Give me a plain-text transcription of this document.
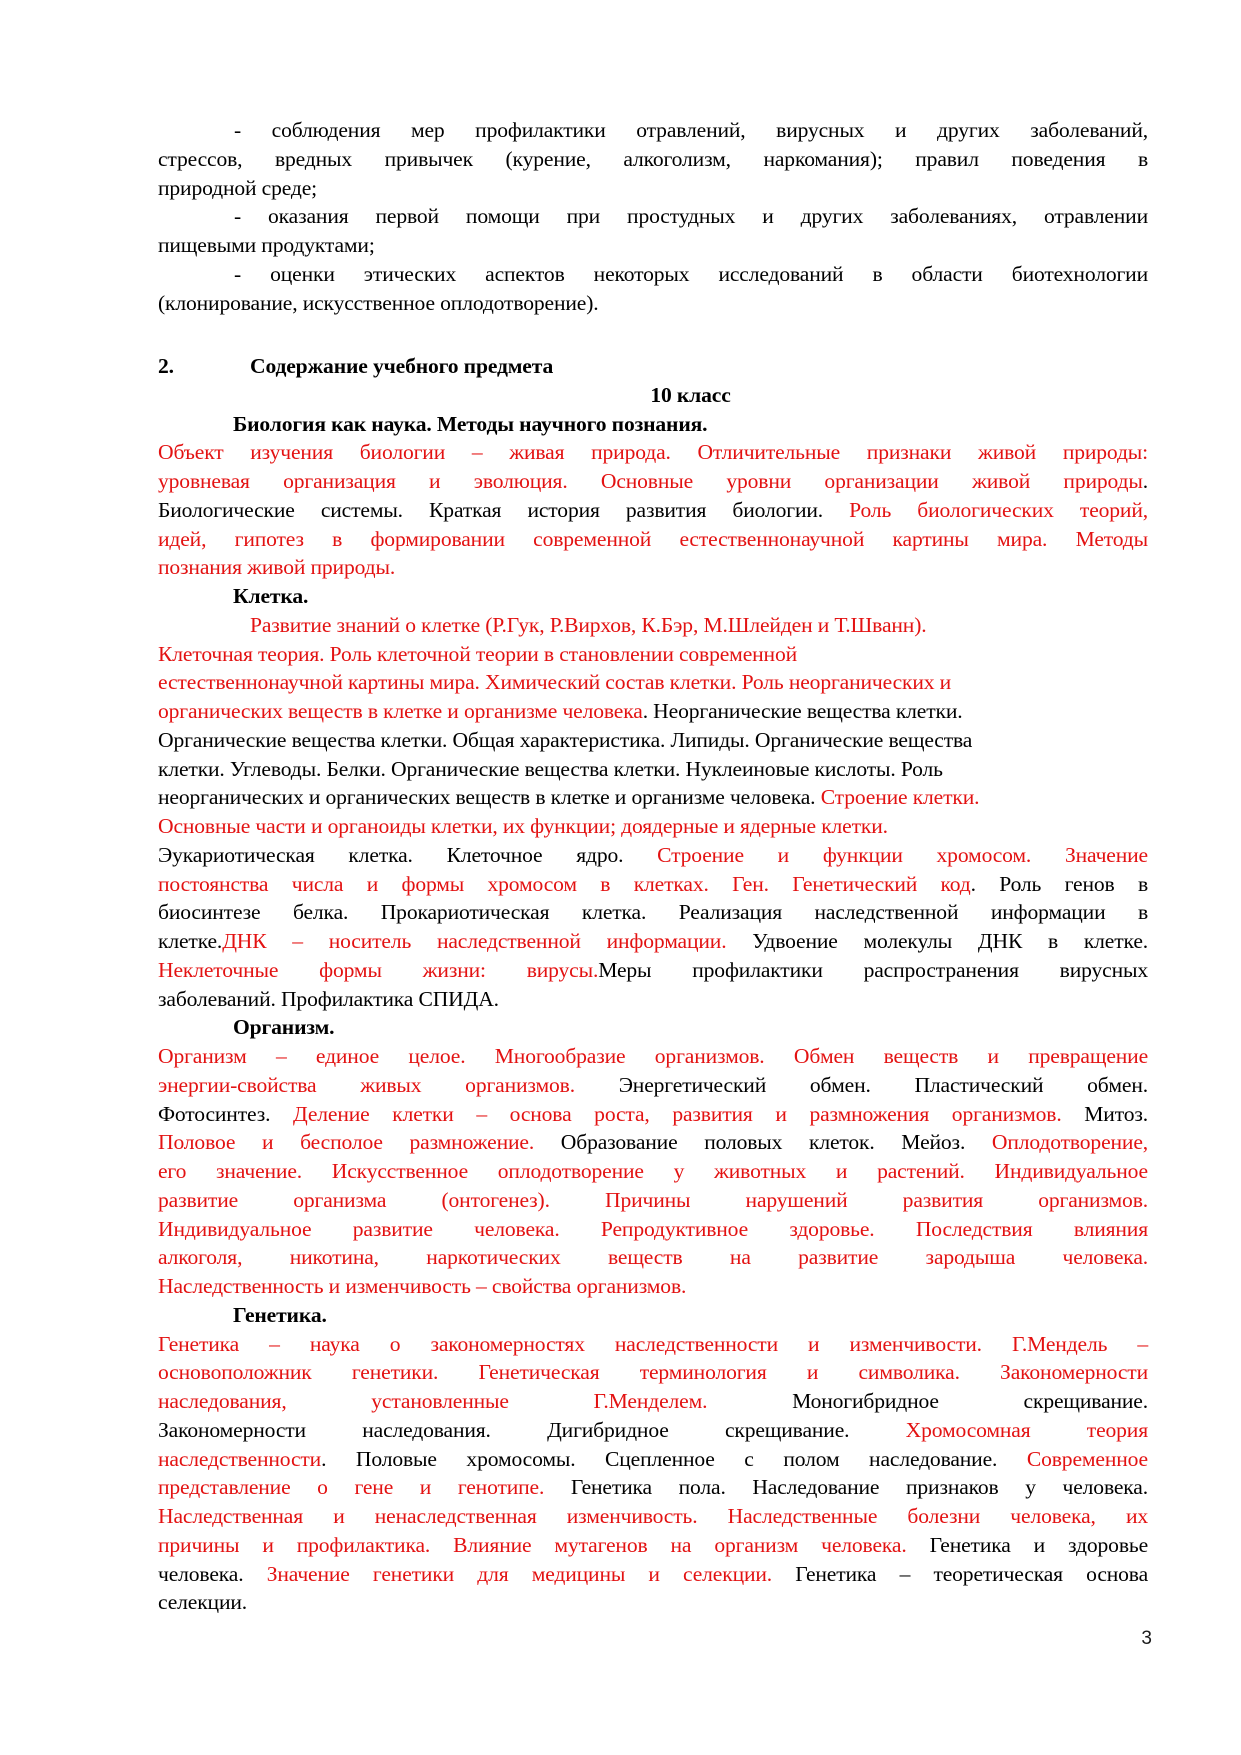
- соблюдения мер профилактики отравлений, вирусных и других заболеваний,
стрессов, вредных привычек (курение, алкоголизм, наркомания); правил поведения в
природной среде;
- оказания первой помощи при простудных и других заболеваниях, отравлении
пищевыми продуктами;
- оценки этических аспектов некоторых исследований в области биотехнологии
(клонирование, искусственное оплодотворение).
2.	Содержание учебного предмета
10 класс
Биология как наука. Методы научного познания.
Объект изучения биологии – живая природа. Отличительные признаки живой природы:
уровневая организация и эволюция. Основные уровни организации живой природы.
Биологические системы. Краткая история развития биологии. Роль биологических теорий,
идей, гипотез в формировании современной естественнонаучной картины мира. Методы
познания живой природы.
Клетка.
Развитие знаний о клетке (Р.Гук, Р.Вирхов, К.Бэр, М.Шлейден и Т.Шванн).
Клеточная теория. Роль клеточной теории в становлении современной
естественнонаучной картины мира. Химический состав клетки. Роль неорганических и
органических веществ в клетке и организме человека. Неорганические вещества клетки.
Органические вещества клетки. Общая характеристика. Липиды. Органические вещества
клетки. Углеводы. Белки. Органические вещества клетки. Нуклеиновые кислоты. Роль
неорганических и органических веществ в клетке и организме человека. Строение клетки.
Основные части и органоиды клетки, их функции; доядерные и ядерные клетки.
Эукариотическая клетка. Клеточное ядро. Строение и функции хромосом. Значение
постоянства числа и формы хромосом в клетках. Ген. Генетический код. Роль генов в
биосинтезе белка. Прокариотическая клетка. Реализация наследственной информации в
клетке.ДНК – носитель наследственной информации. Удвоение молекулы ДНК в клетке.
Неклеточные формы жизни: вирусы.Меры профилактики распространения вирусных
заболеваний. Профилактика СПИДА.
Организм.
Организм – единое целое. Многообразие организмов. Обмен веществ и превращение
энергии-свойства живых организмов. Энергетический обмен. Пластический обмен.
Фотосинтез. Деление клетки – основа роста, развития и размножения организмов. Митоз.
Половое и бесполое размножение. Образование половых клеток. Мейоз. Оплодотворение,
его значение. Искусственное оплодотворение у животных и растений. Индивидуальное
развитие организма (онтогенез). Причины нарушений развития организмов.
Индивидуальное развитие человека. Репродуктивное здоровье. Последствия влияния
алкоголя, никотина, наркотических веществ на развитие зародыша человека.
Наследственность и изменчивость – свойства организмов.
Генетика.
Генетика – наука о закономерностях наследственности и изменчивости. Г.Мендель –
основоположник генетики. Генетическая терминология и символика. Закономерности
наследования, установленные Г.Менделем. Моногибридное скрещивание.
Закономерности наследования. Дигибридное скрещивание. Хромосомная теория
наследственности. Половые хромосомы. Сцепленное с полом наследование. Современное
представление о гене и генотипе. Генетика пола. Наследование признаков у человека.
Наследственная и ненаследственная изменчивость. Наследственные болезни человека, их
причины и профилактика. Влияние мутагенов на организм человека. Генетика и здоровье
человека. Значение генетики для медицины и селекции. Генетика – теоретическая основа
селекции.
3
